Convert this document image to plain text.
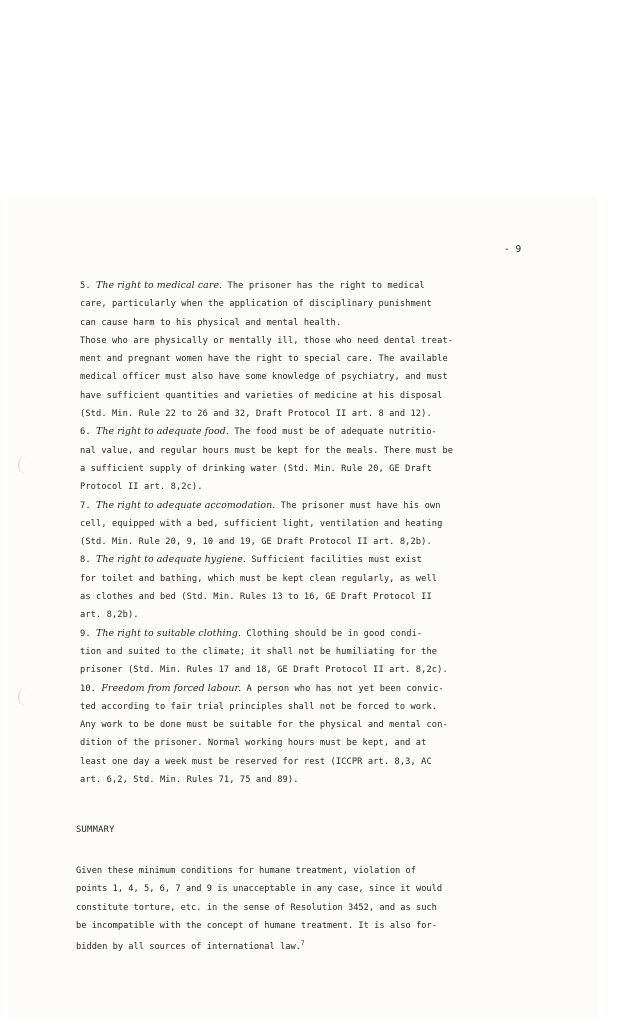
- 9
5. The right to medical care. The prisoner has the right to medical
care, particularly when the application of disciplinary punishment
can cause harm to his physical and mental health.
Those who are physically or mentally ill, those who need dental treat-
ment and pregnant women have the right to special care. The available
medical officer must also have some knowledge of psychiatry, and must
have sufficient quantities and varieties of medicine at his disposal
(Std. Min. Rule 22 to 26 and 32, Draft Protocol II art. 8 and 12).
6. The right to adequate food. The food must be of adequate nutritio-
nal value, and regular hours must be kept for the meals. There must be
a sufficient supply of drinking water (Std. Min. Rule 20, GE Draft
Protocol II art. 8,2c).
7. The right to adequate accomodation. The prisoner must have his own
cell, equipped with a bed, sufficient light, ventilation and heating
(Std. Min. Rule 20, 9, 10 and 19, GE Draft Protocol II art. 8,2b).
8. The right to adequate hygiene. Sufficient facilities must exist
for toilet and bathing, which must be kept clean regularly, as well
as clothes and bed (Std. Min. Rules 13 to 16, GE Draft Protocol II
art. 8,2b).
9. The right to suitable clothing. Clothing should be in good condi-
tion and suited to the climate; it shall not be humiliating for the
prisoner (Std. Min. Rules 17 and 18, GE Draft Protocol II art. 8,2c).
10. Freedom from forced labour. A person who has not yet been convic-
ted according to fair trial principles shall not be forced to work.
Any work to be done must be suitable for the physical and mental con-
dition of the prisoner. Normal working hours must be kept, and at
least one day a week must be reserved for rest (ICCPR art. 8,3, AC
art. 6,2, Std. Min. Rules 71, 75 and 89).
SUMMARY
Given these minimum conditions for humane treatment, violation of
points 1, 4, 5, 6, 7 and 9 is unacceptable in any case, since it would
constitute torture, etc. in the sense of Resolution 3452, and as such
be incompatible with the concept of humane treatment. It is also for-
bidden by all sources of international law.$^7$
